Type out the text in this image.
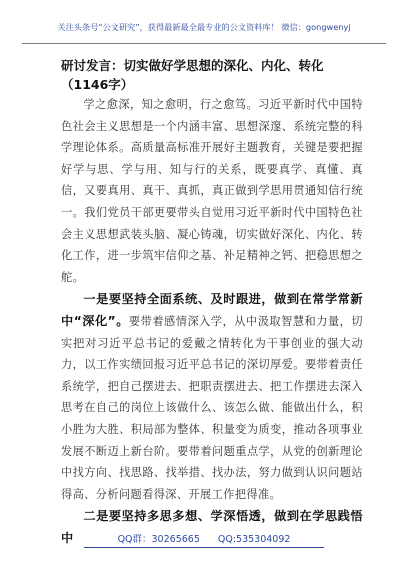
关注头条号“公文研究”，获得最新最全最专业的公文资料库！ 微信：gongwenyj

研讨发言：切实做好学思想的深化、内化、转化（1146字）

学之愈深，知之愈明，行之愈笃。习近平新时代中国特色社会主义思想是一个内涵丰富、思想深邃、系统完整的科学理论体系。高质量高标准开展好主题教育，关键是要把握好学与思、学与用、知与行的关系，既要真学、真懂、真信，又要真用、真干、真抓，真正做到学思用贯通知信行统一。我们党员干部更要带头自觉用习近平新时代中国特色社会主义思想武装头脑、凝心铸魂，切实做好深化、内化、转化工作，进一步筑牢信仰之基、补足精神之钙、把稳思想之舵。

一是要坚持全面系统、及时跟进，做到在常学常新中“深化”。要带着感情深入学，从中汲取智慧和力量，切实把对习近平总书记的爱戴之情转化为干事创业的强大动力，以工作实绩回报习近平总书记的深切厚爱。要带着责任系统学，把自己摆进去、把职责摆进去、把工作摆进去深入思考在自己的岗位上该做什么、该怎么做、能做出什么，积小胜为大胜、积局部为整体、积量变为质变，推动各项事业发展不断迈上新台阶。要带着问题重点学，从党的创新理论中找方向、找思路、找举措、找办法，努力做到认识问题站得高、分析问题看得深、开展工作把得准。

二是要坚持多思多想、学深悟透，做到在学思践悟中	QQ群：30265665 QQ:535304092
